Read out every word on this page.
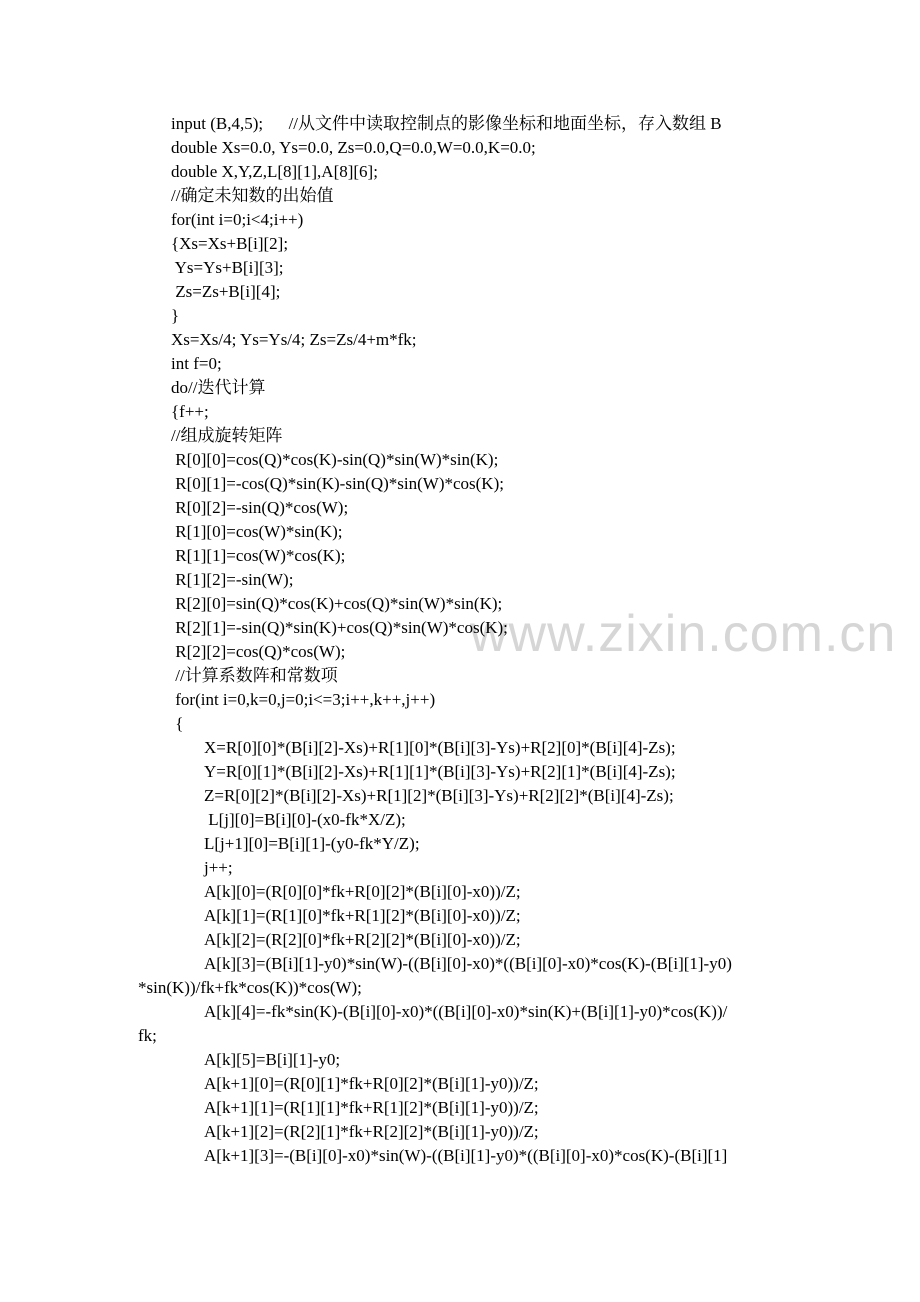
www.zixin.com.cn
input (B,4,5);      //从文件中读取控制点的影像坐标和地面坐标，存入数组 B
double Xs=0.0, Ys=0.0, Zs=0.0,Q=0.0,W=0.0,K=0.0;
double X,Y,Z,L[8][1],A[8][6];
//确定未知数的出始值
for(int i=0;i<4;i++)
{Xs=Xs+B[i][2];
Ys=Ys+B[i][3];
Zs=Zs+B[i][4];
}
Xs=Xs/4; Ys=Ys/4; Zs=Zs/4+m*fk;
int f=0;
do//迭代计算
{f++;
//组成旋转矩阵
R[0][0]=cos(Q)*cos(K)-sin(Q)*sin(W)*sin(K);
R[0][1]=-cos(Q)*sin(K)-sin(Q)*sin(W)*cos(K);
R[0][2]=-sin(Q)*cos(W);
R[1][0]=cos(W)*sin(K);
R[1][1]=cos(W)*cos(K);
R[1][2]=-sin(W);
R[2][0]=sin(Q)*cos(K)+cos(Q)*sin(W)*sin(K);
R[2][1]=-sin(Q)*sin(K)+cos(Q)*sin(W)*cos(K);
R[2][2]=cos(Q)*cos(W);
//计算系数阵和常数项
for(int i=0,k=0,j=0;i<=3;i++,k++,j++)
{
X=R[0][0]*(B[i][2]-Xs)+R[1][0]*(B[i][3]-Ys)+R[2][0]*(B[i][4]-Zs);
Y=R[0][1]*(B[i][2]-Xs)+R[1][1]*(B[i][3]-Ys)+R[2][1]*(B[i][4]-Zs);
Z=R[0][2]*(B[i][2]-Xs)+R[1][2]*(B[i][3]-Ys)+R[2][2]*(B[i][4]-Zs);
L[j][0]=B[i][0]-(x0-fk*X/Z);
L[j+1][0]=B[i][1]-(y0-fk*Y/Z);
j++;
A[k][0]=(R[0][0]*fk+R[0][2]*(B[i][0]-x0))/Z;
A[k][1]=(R[1][0]*fk+R[1][2]*(B[i][0]-x0))/Z;
A[k][2]=(R[2][0]*fk+R[2][2]*(B[i][0]-x0))/Z;
A[k][3]=(B[i][1]-y0)*sin(W)-((B[i][0]-x0)*((B[i][0]-x0)*cos(K)-(B[i][1]-y0)
*sin(K))/fk+fk*cos(K))*cos(W);
A[k][4]=-fk*sin(K)-(B[i][0]-x0)*((B[i][0]-x0)*sin(K)+(B[i][1]-y0)*cos(K))/
fk;
A[k][5]=B[i][1]-y0;
A[k+1][0]=(R[0][1]*fk+R[0][2]*(B[i][1]-y0))/Z;
A[k+1][1]=(R[1][1]*fk+R[1][2]*(B[i][1]-y0))/Z;
A[k+1][2]=(R[2][1]*fk+R[2][2]*(B[i][1]-y0))/Z;
A[k+1][3]=-(B[i][0]-x0)*sin(W)-((B[i][1]-y0)*((B[i][0]-x0)*cos(K)-(B[i][1]
